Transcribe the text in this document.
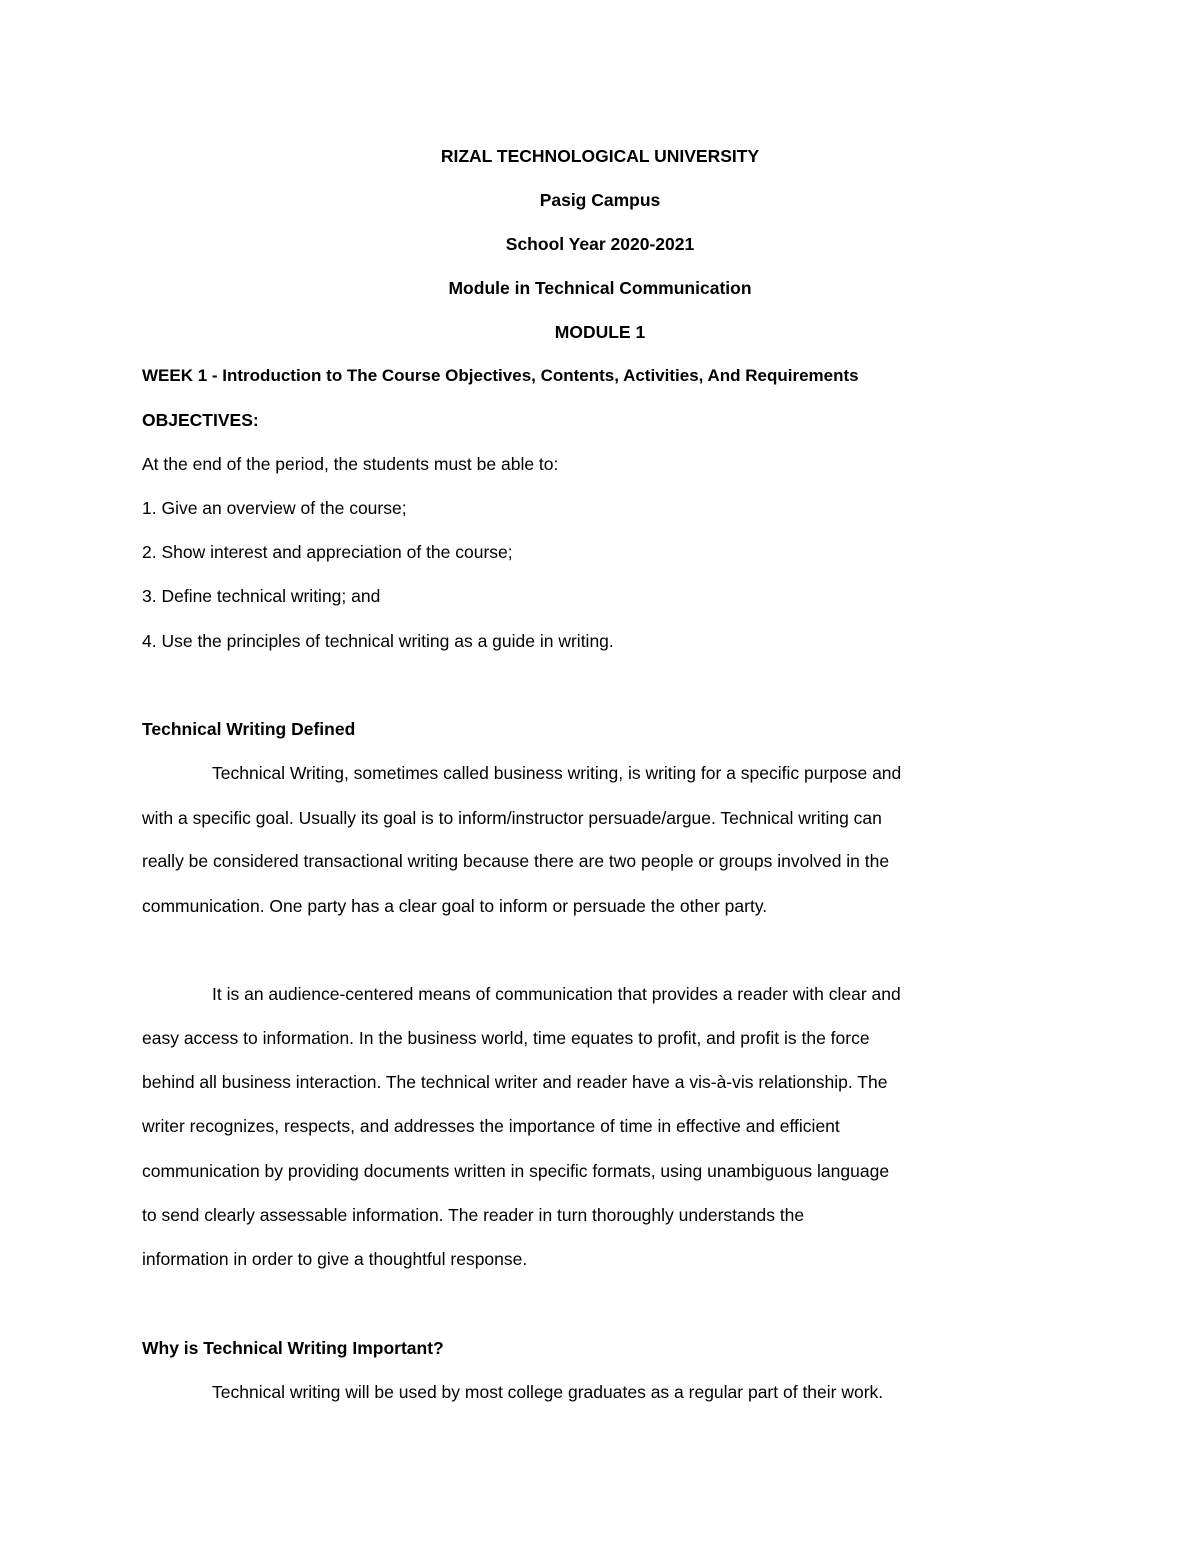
RIZAL TECHNOLOGICAL UNIVERSITY
Pasig Campus
School Year 2020-2021
Module in Technical Communication
MODULE 1
WEEK 1 - Introduction to The Course Objectives, Contents, Activities, And Requirements
OBJECTIVES:
At the end of the period, the students must be able to:
1. Give an overview of the course;
2. Show interest and appreciation of the course;
3. Define technical writing; and
4. Use the principles of technical writing as a guide in writing.
Technical Writing Defined
Technical Writing, sometimes called business writing, is writing for a specific purpose and
with a specific goal. Usually its goal is to inform/instructor persuade/argue. Technical writing can
really be considered transactional writing because there are two people or groups involved in the
communication. One party has a clear goal to inform or persuade the other party.
It is an audience-centered means of communication that provides a reader with clear and
easy access to information. In the business world, time equates to profit, and profit is the force
behind all business interaction. The technical writer and reader have a vis-à-vis relationship. The
writer recognizes, respects, and addresses the importance of time in effective and efficient
communication by providing documents written in specific formats, using unambiguous language
to send clearly assessable information. The reader in turn thoroughly understands the
information in order to give a thoughtful response.
Why is Technical Writing Important?
Technical writing will be used by most college graduates as a regular part of their work.
